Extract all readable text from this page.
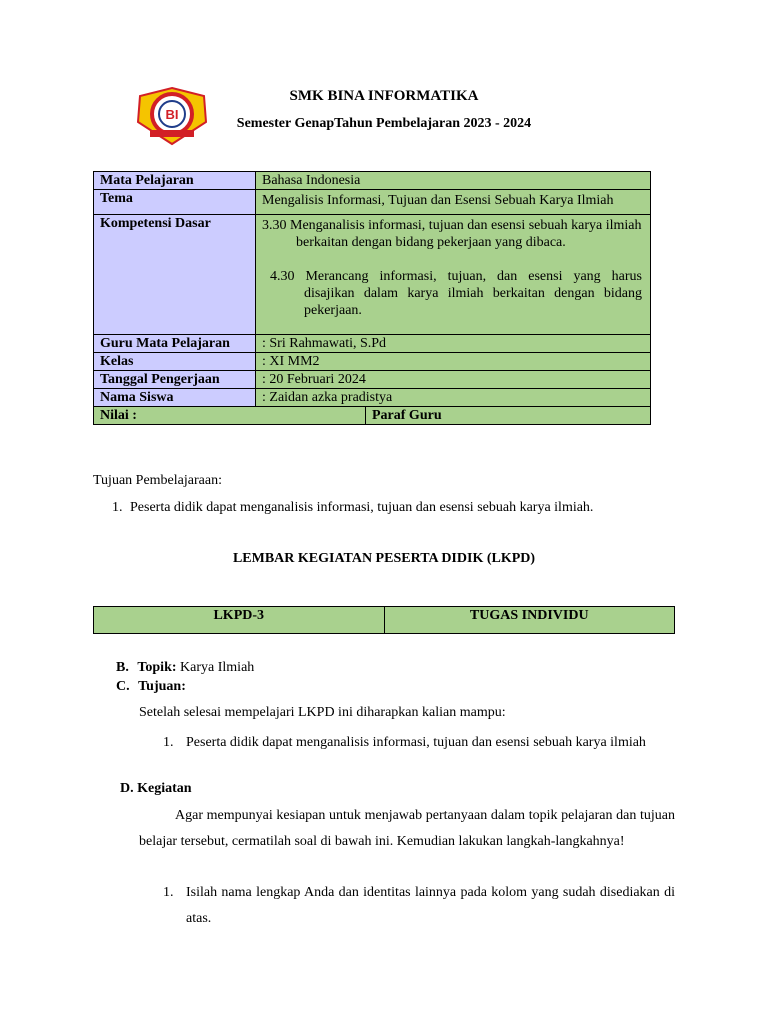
BI
SMK BINA INFORMATIKA
Semester GenapTahun Pembelajaran 2023 - 2024
Mata Pelajaran	Bahasa Indonesia	
Tema	Mengalisis Informasi, Tujuan dan Esensi Sebuah Karya Ilmiah	
Kompetensi Dasar	3.30 Menganalisis informasi, tujuan dan esensi sebuah karya ilmiah berkaitan dengan bidang pekerjaan yang dibaca.

4.30 Merancang informasi, tujuan, dan esensi yang harus disajikan dalam karya ilmiah berkaitan dengan bidang pekerjaan.	

Guru Mata Pelajaran	: Sri Rahmawati, S.Pd	
Kelas	: XI MM2	
Tanggal Pengerjaan	: 20 Februari 2024	
Nama Siswa	: Zaidan azka pradistya	
Nilai :		Paraf Guru
Tujuan Pembelajaraan:
1. Peserta didik dapat menganalisis informasi, tujuan dan esensi sebuah karya ilmiah.
LEMBAR KEGIATAN PESERTA DIDIK (LKPD)
LKPD-3	TUGAS INDIVIDU
B. Topik: Karya Ilmiah
C. Tujuan:
Setelah selesai mempelajari LKPD ini diharapkan kalian mampu:
1. Peserta didik dapat menganalisis informasi, tujuan dan esensi sebuah karya ilmiah
D. Kegiatan
Agar mempunyai kesiapan untuk menjawab pertanyaan dalam topik pelajaran dan tujuan belajar tersebut, cermatilah soal di bawah ini. Kemudian lakukan langkah-langkahnya!
1. Isilah nama lengkap Anda dan identitas lainnya pada kolom yang sudah disediakan di atas.
